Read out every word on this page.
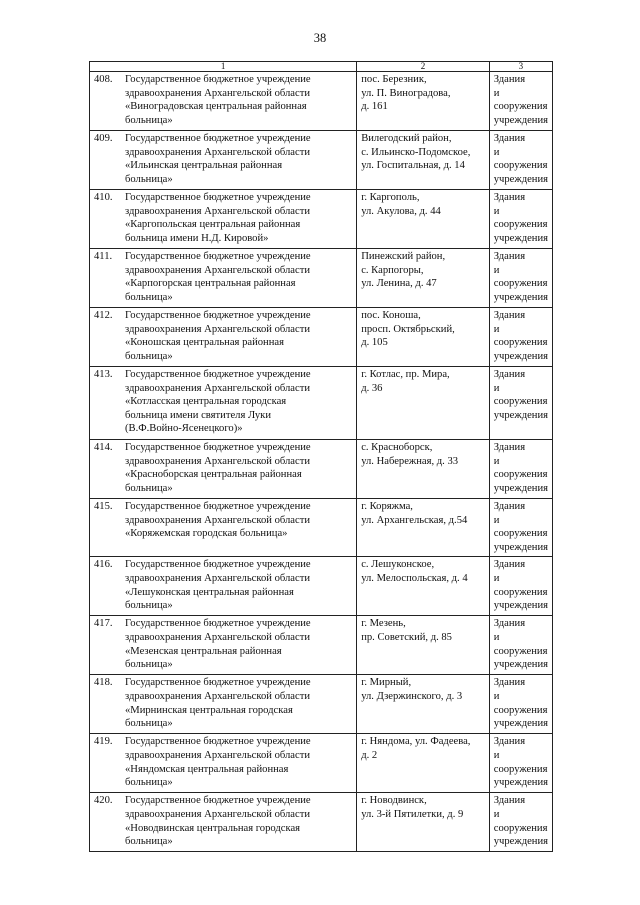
38
1	2	3

408. Государственное бюджетное учреждение
здравоохранения Архангельской области
«Виноградовская центральная районная
больница»	пос. Березник,
ул. П. Виноградова,
д. 161	Здания
и сооружения
учреждения

409. Государственное бюджетное учреждение
здравоохранения Архангельской области
«Ильинская центральная районная
больница»	Вилегодский район,
с. Ильинско-Подомское,
ул. Госпитальная, д. 14	Здания
и сооружения
учреждения

410. Государственное бюджетное учреждение
здравоохранения Архангельской области
«Каргопольская центральная районная
больница имени Н.Д. Кировой»	г. Каргополь,
ул. Акулова, д. 44	Здания
и сооружения
учреждения

411. Государственное бюджетное учреждение
здравоохранения Архангельской области
«Карпогорская центральная районная
больница»	Пинежский район,
с. Карпогоры,
ул. Ленина, д. 47	Здания
и сооружения
учреждения

412. Государственное бюджетное учреждение
здравоохранения Архангельской области
«Коношская центральная районная
больница»	пос. Коноша,
просп. Октябрьский,
д. 105	Здания
и сооружения
учреждения

413. Государственное бюджетное учреждение
здравоохранения Архангельской области
«Котласская центральная городская
больница имени святителя Луки
(В.Ф.Войно-Ясенецкого)»	г. Котлас, пр. Мира,
д. 36	Здания
и сооружения
учреждения

414. Государственное бюджетное учреждение
здравоохранения Архангельской области
«Красноборская центральная районная
больница»	с. Красноборск,
ул. Набережная, д. 33	Здания
и сооружения
учреждения

415. Государственное бюджетное учреждение
здравоохранения Архангельской области
«Коряжемская городская больница»	г. Коряжма,
ул. Архангельская, д.54	Здания
и сооружения
учреждения

416. Государственное бюджетное учреждение
здравоохранения Архангельской области
«Лешуконская центральная районная
больница»	с. Лешуконское,
ул. Мелоспольская, д. 4	Здания
и сооружения
учреждения

417. Государственное бюджетное учреждение
здравоохранения Архангельской области
«Мезенская центральная районная
больница»	г. Мезень,
пр. Советский, д. 85	Здания
и сооружения
учреждения

418. Государственное бюджетное учреждение
здравоохранения Архангельской области
«Мирнинская центральная городская
больница»	г. Мирный,
ул. Дзержинского, д. 3	Здания
и сооружения
учреждения

419. Государственное бюджетное учреждение
здравоохранения Архангельской области
«Няндомская центральная районная
больница»	г. Няндома, ул. Фадеева,
д. 2	Здания
и сооружения
учреждения

420. Государственное бюджетное учреждение
здравоохранения Архангельской области
«Новодвинская центральная городская
больница»	г. Новодвинск,
ул. 3-й Пятилетки, д. 9	Здания
и сооружения
учреждения
